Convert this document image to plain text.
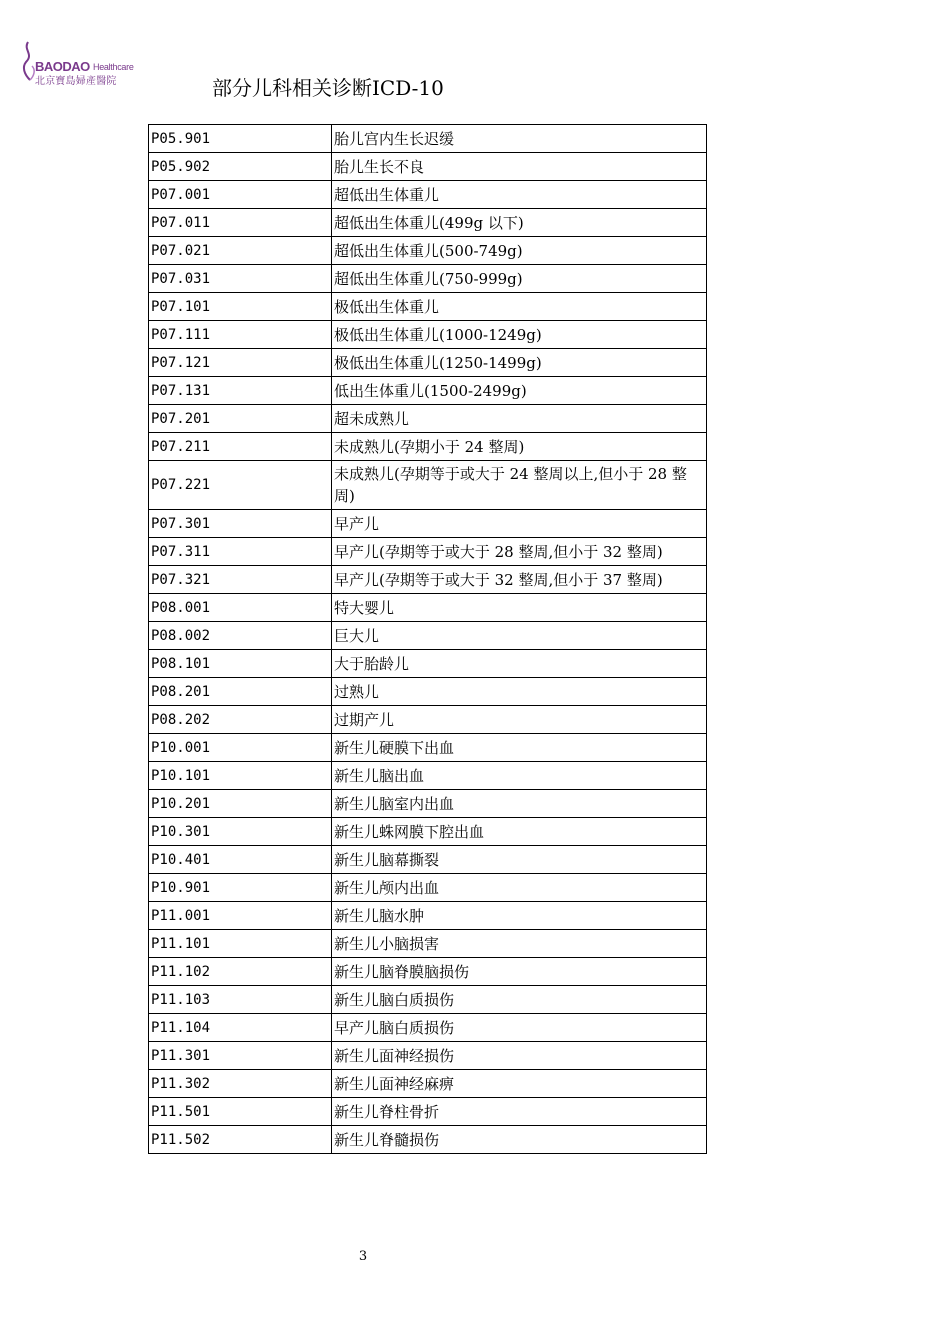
BAODAO Healthcare
北京寶島婦產醫院	部分儿科相关诊断ICD-10
P05.901	胎儿宫内生长迟缓
P05.902	胎儿生长不良
P07.001	超低出生体重儿
P07.011	超低出生体重儿(499g 以下)
P07.021	超低出生体重儿(500-749g)
P07.031	超低出生体重儿(750-999g)
P07.101	极低出生体重儿
P07.111	极低出生体重儿(1000-1249g)
P07.121	极低出生体重儿(1250-1499g)
P07.131	低出生体重儿(1500-2499g)
P07.201	超未成熟儿
P07.211	未成熟儿(孕期小于 24 整周)
P07.221	未成熟儿(孕期等于或大于 24 整周以上,但小于 28 整周)
P07.301	早产儿
P07.311	早产儿(孕期等于或大于 28 整周,但小于 32 整周)
P07.321	早产儿(孕期等于或大于 32 整周,但小于 37 整周)
P08.001	特大婴儿
P08.002	巨大儿
P08.101	大于胎龄儿
P08.201	过熟儿
P08.202	过期产儿
P10.001	新生儿硬膜下出血
P10.101	新生儿脑出血
P10.201	新生儿脑室内出血
P10.301	新生儿蛛网膜下腔出血
P10.401	新生儿脑幕撕裂
P10.901	新生儿颅内出血
P11.001	新生儿脑水肿
P11.101	新生儿小脑损害
P11.102	新生儿脑脊膜脑损伤
P11.103	新生儿脑白质损伤
P11.104	早产儿脑白质损伤
P11.301	新生儿面神经损伤
P11.302	新生儿面神经麻痹
P11.501	新生儿脊柱骨折
P11.502	新生儿脊髓损伤
3
